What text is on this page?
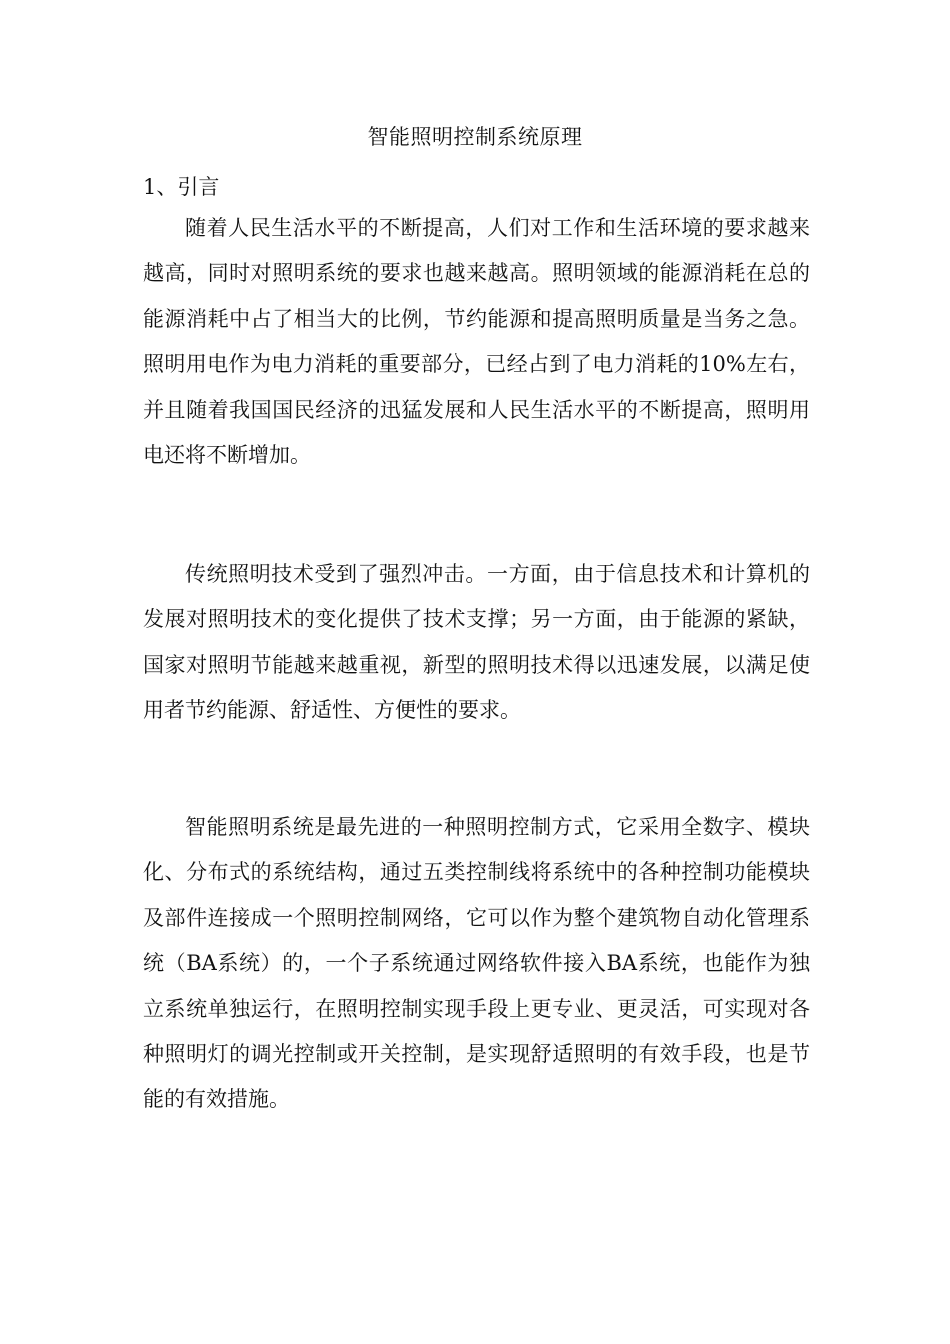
智能照明控制系统原理
1、引言

随着人民生活水平的不断提高，人们对工作和生活环境的要求越来越高，同时对照明系统的要求也越来越高。照明领域的能源消耗在总的能源消耗中占了相当大的比例，节约能源和提高照明质量是当务之急。照明用电作为电力消耗的重要部分，已经占到了电力消耗的10%左右，并且随着我国国民经济的迅猛发展和人民生活水平的不断提高，照明用电还将不断增加。

传统照明技术受到了强烈冲击。一方面，由于信息技术和计算机的发展对照明技术的变化提供了技术支撑；另一方面，由于能源的紧缺，国家对照明节能越来越重视，新型的照明技术得以迅速发展，以满足使用者节约能源、舒适性、方便性的要求。

智能照明系统是最先进的一种照明控制方式，它采用全数字、模块化、分布式的系统结构，通过五类控制线将系统中的各种控制功能模块及部件连接成一个照明控制网络，它可以作为整个建筑物自动化管理系统（BA系统）的，一个子系统通过网络软件接入BA系统，也能作为独立系统单独运行，在照明控制实现手段上更专业、更灵活，可实现对各种照明灯的调光控制或开关控制，是实现舒适照明的有效手段，也是节能的有效措施。
